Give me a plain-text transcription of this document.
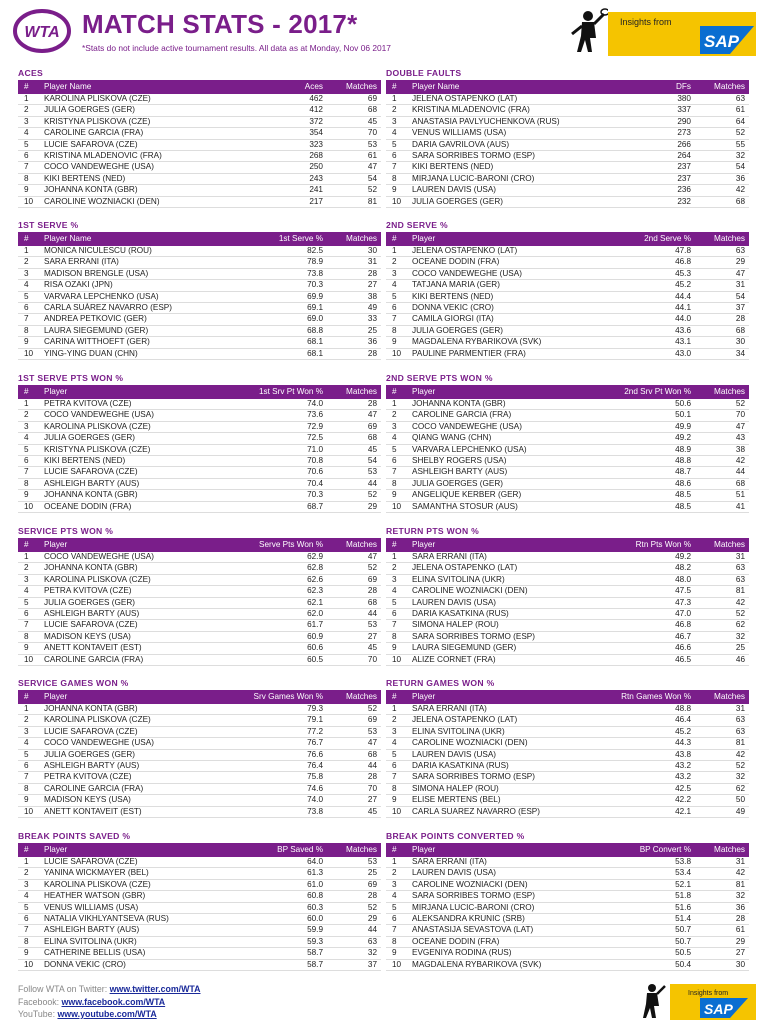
WTA MATCH STATS - 2017*
*Stats do not include active tournament results. All data as at Monday, Nov 06 2017
Insights from
SAP
ACES
#	Player Name	Aces	Matches
1	KAROLINA PLISKOVA (CZE)	462	69
2	JULIA GOERGES (GER)	412	68
3	KRISTYNA PLISKOVA (CZE)	372	45
4	CAROLINE GARCIA (FRA)	354	70
5	LUCIE SAFAROVA (CZE)	323	53
6	KRISTINA MLADENOVIC (FRA)	268	61
7	COCO VANDEWEGHE (USA)	250	47
8	KIKI BERTENS (NED)	243	54
9	JOHANNA KONTA (GBR)	241	52
10	CAROLINE WOZNIACKI (DEN)	217	81
DOUBLE FAULTS
#	Player Name	DFs	Matches
1	JELENA OSTAPENKO (LAT)	380	63
2	KRISTINA MLADENOVIC (FRA)	337	61
3	ANASTASIA PAVLYUCHENKOVA (RUS)	290	64
4	VENUS WILLIAMS (USA)	273	52
5	DARIA GAVRILOVA (AUS)	266	55
6	SARA SORRIBES TORMO (ESP)	264	32
7	KIKI BERTENS (NED)	237	54
8	MIRJANA LUCIC-BARONI (CRO)	237	36
9	LAUREN DAVIS (USA)	236	42
10	JULIA GOERGES (GER)	232	68
1ST SERVE %
#	Player Name	1st Serve %	Matches
1	MONICA NICULESCU (ROU)	82.5	30
2	SARA ERRANI (ITA)	78.9	31
3	MADISON BRENGLE (USA)	73.8	28
4	RISA OZAKI (JPN)	70.3	27
5	VARVARA LEPCHENKO (USA)	69.9	38
6	CARLA SUÁREZ NAVARRO (ESP)	69.1	49
7	ANDREA PETKOVIC (GER)	69.0	33
8	LAURA SIEGEMUND (GER)	68.8	25
9	CARINA WITTHOEFT (GER)	68.1	36
10	YING-YING DUAN (CHN)	68.1	28
2ND SERVE %
#	Player	2nd Serve %	Matches
1	JELENA OSTAPENKO (LAT)	47.8	63
2	OCEANE DODIN (FRA)	46.8	29
3	COCO VANDEWEGHE (USA)	45.3	47
4	TATJANA MARIA (GER)	45.2	31
5	KIKI BERTENS (NED)	44.4	54
6	DONNA VEKIC (CRO)	44.1	37
7	CAMILA GIORGI (ITA)	44.0	28
8	JULIA GOERGES (GER)	43.6	68
9	MAGDALENA RYBARIKOVA (SVK)	43.1	30
10	PAULINE PARMENTIER (FRA)	43.0	34
1ST SERVE PTS WON %
#	Player	1st Srv Pt Won %	Matches
1	PETRA KVITOVA (CZE)	74.0	28
2	COCO VANDEWEGHE (USA)	73.6	47
3	KAROLINA PLISKOVA (CZE)	72.9	69
4	JULIA GOERGES (GER)	72.5	68
5	KRISTYNA PLISKOVA (CZE)	71.0	45
6	KIKI BERTENS (NED)	70.8	54
7	LUCIE SAFAROVA (CZE)	70.6	53
8	ASHLEIGH BARTY (AUS)	70.4	44
9	JOHANNA KONTA (GBR)	70.3	52
10	OCEANE DODIN (FRA)	68.7	29
2ND SERVE PTS WON %
#	Player	2nd Srv Pt Won %	Matches
1	JOHANNA KONTA (GBR)	50.6	52
2	CAROLINE GARCIA (FRA)	50.1	70
3	COCO VANDEWEGHE (USA)	49.9	47
4	QIANG WANG (CHN)	49.2	43
5	VARVARA LEPCHENKO (USA)	48.9	38
6	SHELBY ROGERS (USA)	48.8	42
7	ASHLEIGH BARTY (AUS)	48.7	44
8	JULIA GOERGES (GER)	48.6	68
9	ANGELIQUE KERBER (GER)	48.5	51
10	SAMANTHA STOSUR (AUS)	48.5	41
SERVICE PTS WON %
#	Player	Serve Pts Won %	Matches
1	COCO VANDEWEGHE (USA)	62.9	47
2	JOHANNA KONTA (GBR)	62.8	52
3	KAROLINA PLISKOVA (CZE)	62.6	69
4	PETRA KVITOVA (CZE)	62.3	28
5	JULIA GOERGES (GER)	62.1	68
6	ASHLEIGH BARTY (AUS)	62.0	44
7	LUCIE SAFAROVA (CZE)	61.7	53
8	MADISON KEYS (USA)	60.9	27
9	ANETT KONTAVEIT (EST)	60.6	45
10	CAROLINE GARCIA (FRA)	60.5	70
RETURN PTS WON %
#	Player	Rtn Pts Won %	Matches
1	SARA ERRANI (ITA)	49.2	31
2	JELENA OSTAPENKO (LAT)	48.2	63
3	ELINA SVITOLINA (UKR)	48.0	63
4	CAROLINE WOZNIACKI (DEN)	47.5	81
5	LAUREN DAVIS (USA)	47.3	42
6	DARIA KASATKINA (RUS)	47.0	52
7	SIMONA HALEP (ROU)	46.8	62
8	SARA SORRIBES TORMO (ESP)	46.7	32
9	LAURA SIEGEMUND (GER)	46.6	25
10	ALIZE CORNET (FRA)	46.5	46
SERVICE GAMES WON %
#	Player	Srv Games Won %	Matches
1	JOHANNA KONTA (GBR)	79.3	52
2	KAROLINA PLISKOVA (CZE)	79.1	69
3	LUCIE SAFAROVA (CZE)	77.2	53
4	COCO VANDEWEGHE (USA)	76.7	47
5	JULIA GOERGES (GER)	76.6	68
6	ASHLEIGH BARTY (AUS)	76.4	44
7	PETRA KVITOVA (CZE)	75.8	28
8	CAROLINE GARCIA (FRA)	74.6	70
9	MADISON KEYS (USA)	74.0	27
10	ANETT KONTAVEIT (EST)	73.8	45
RETURN GAMES WON %
#	Player	Rtn Games Won %	Matches
1	SARA ERRANI (ITA)	48.8	31
2	JELENA OSTAPENKO (LAT)	46.4	63
3	ELINA SVITOLINA (UKR)	45.2	63
4	CAROLINE WOZNIACKI (DEN)	44.3	81
5	LAUREN DAVIS (USA)	43.8	42
6	DARIA KASATKINA (RUS)	43.2	52
7	SARA SORRIBES TORMO (ESP)	43.2	32
8	SIMONA HALEP (ROU)	42.5	62
9	ELISE MERTENS (BEL)	42.2	50
10	CARLA SUAREZ NAVARRO (ESP)	42.1	49
BREAK POINTS SAVED %
#	Player	BP Saved %	Matches
1	LUCIE SAFAROVA (CZE)	64.0	53
2	YANINA WICKMAYER (BEL)	61.3	25
3	KAROLINA PLISKOVA (CZE)	61.0	69
4	HEATHER WATSON (GBR)	60.8	28
5	VENUS WILLIAMS (USA)	60.3	52
6	NATALIA VIKHLYANTSEVA (RUS)	60.0	29
7	ASHLEIGH BARTY (AUS)	59.9	44
8	ELINA SVITOLINA (UKR)	59.3	63
9	CATHERINE BELLIS (USA)	58.7	32
10	DONNA VEKIC (CRO)	58.7	37
BREAK POINTS CONVERTED %
#	Player	BP Convert %	Matches
1	SARA ERRANI (ITA)	53.8	31
2	LAUREN DAVIS (USA)	53.4	42
3	CAROLINE WOZNIACKI (DEN)	52.1	81
4	SARA SORRIBES TORMO (ESP)	51.8	32
5	MIRJANA LUCIC-BARONI (CRO)	51.6	36
6	ALEKSANDRA KRUNIC (SRB)	51.4	28
7	ANASTASIJA SEVASTOVA (LAT)	50.7	61
8	OCEANE DODIN (FRA)	50.7	29
9	EVGENIYA RODINA (RUS)	50.5	27
10	MAGDALENA RYBARIKOVA (SVK)	50.4	30
Follow WTA on Twitter: www.twitter.com/WTA
Facebook: www.facebook.com/WTA
YouTube: www.youtube.com/WTA
Insights from
SAP
